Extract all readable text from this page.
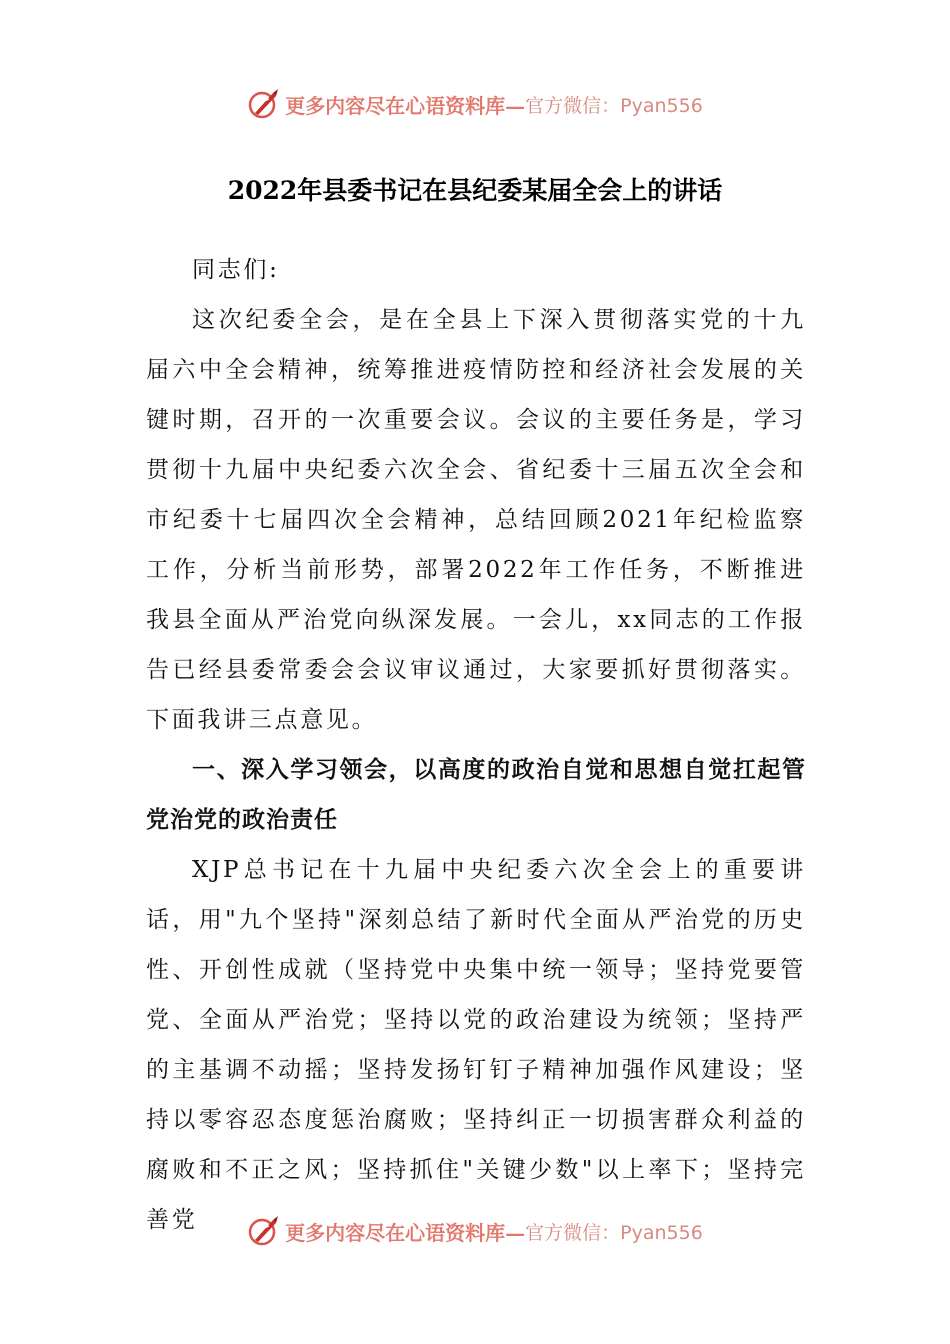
更多内容尽在心语资料库— 官方微信：Pyan556
2022年县委书记在县纪委某届全会上的讲话

同志们:

这次纪委全会，是在全县上下深入贯彻落实党的十九届六中全会精神，统筹推进疫情防控和经济社会发展的关键时期，召开的一次重要会议。会议的主要任务是，学习贯彻十九届中央纪委六次全会、省纪委十三届五次全会和市纪委十七届四次全会精神，总结回顾2021年纪检监察工作，分析当前形势，部署2022年工作任务，不断推进我县全面从严治党向纵深发展。一会儿，xx同志的工作报告已经县委常委会会议审议通过，大家要抓好贯彻落实。下面我讲三点意见。

一、深入学习领会，以高度的政治自觉和思想自觉扛起管党治党的政治责任

XJP总书记在十九届中央纪委六次全会上的重要讲话，用"九个坚持"深刻总结了新时代全面从严治党的历史性、开创性成就（坚持党中央集中统一领导；坚持党要管党、全面从严治党；坚持以党的政治建设为统领；坚持严的主基调不动摇；坚持发扬钉钉子精神加强作风建设；坚持以零容忍态度惩治腐败；坚持纠正一切损害群众利益的腐败和不正之风；坚持抓住"关键少数"以上率下；坚持完善党	更多内容尽在心语资料库— 官方微信：Pyan556
